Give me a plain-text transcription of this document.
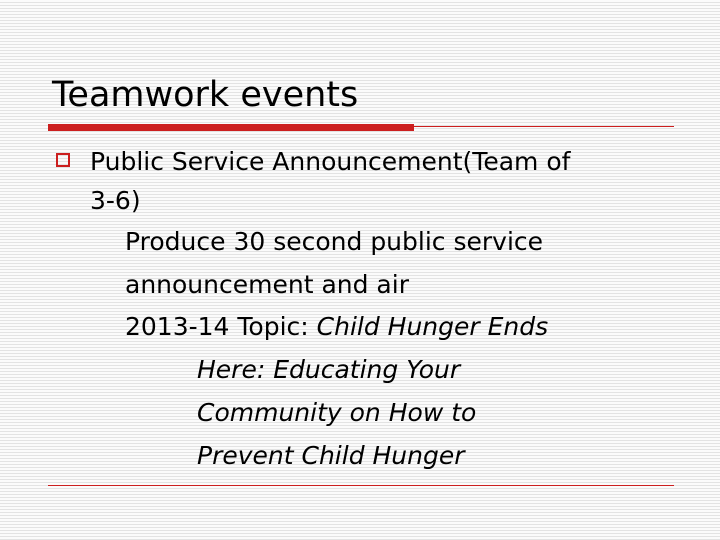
Teamwork events
Public Service Announcement(Team of
3-6)
Produce 30 second public service
announcement and air
2013-14 Topic: Child Hunger Ends
Here: Educating Your
Community on How to
Prevent Child Hunger
